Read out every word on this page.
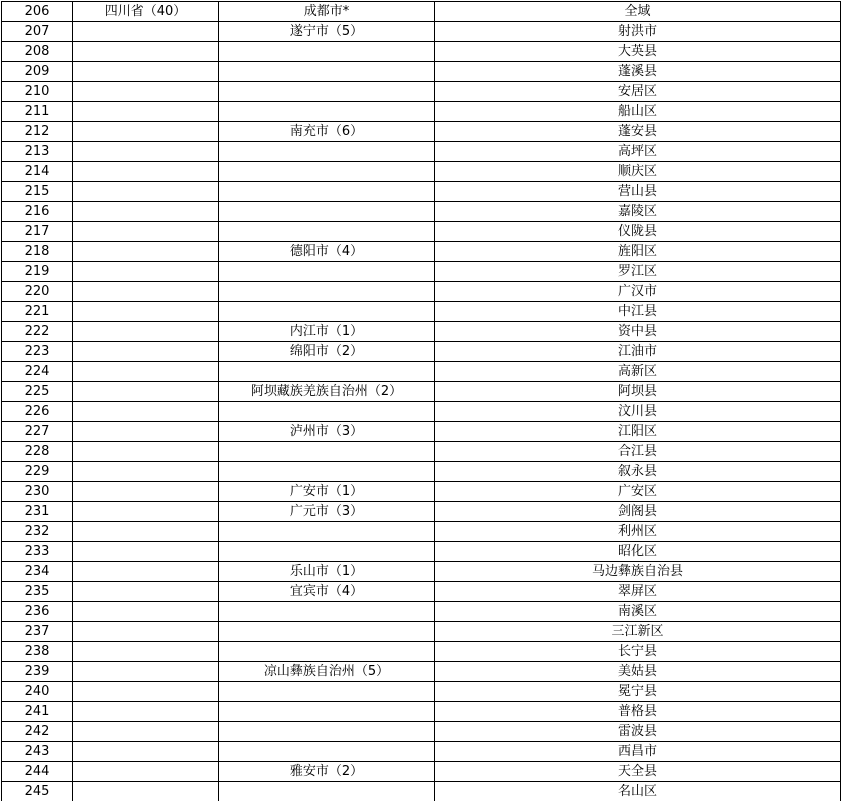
206	四川省（40）	成都市*	全域
207		遂宁市（5）	射洪市
208			大英县
209			蓬溪县
210			安居区
211			船山区
212		南充市（6）	蓬安县
213			高坪区
214			顺庆区
215			营山县
216			嘉陵区
217			仪陇县
218		德阳市（4）	旌阳区
219			罗江区
220			广汉市
221			中江县
222		内江市（1）	资中县
223		绵阳市（2）	江油市
224			高新区
225		阿坝藏族羌族自治州（2）	阿坝县
226			汶川县
227		泸州市（3）	江阳区
228			合江县
229			叙永县
230		广安市（1）	广安区
231		广元市（3）	剑阁县
232			利州区
233			昭化区
234		乐山市（1）	马边彝族自治县
235		宜宾市（4）	翠屏区
236			南溪区
237			三江新区
238			长宁县
239		凉山彝族自治州（5）	美姑县
240			冕宁县
241			普格县
242			雷波县
243			西昌市
244		雅安市（2）	天全县
245			名山区
